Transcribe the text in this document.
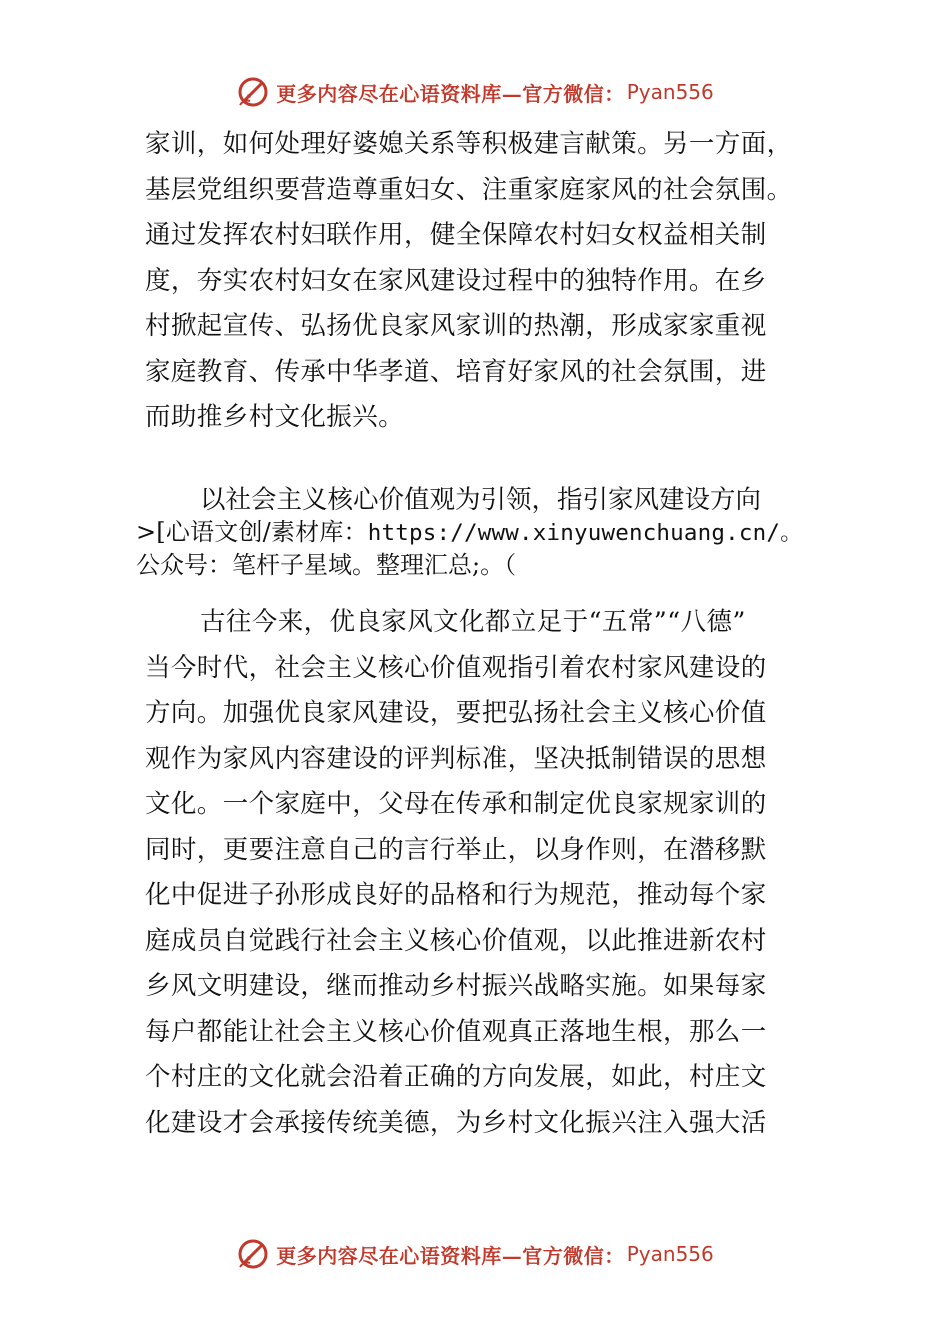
更多内容尽在心语资料库—官方微信： Pyan556
家训，如何处理好婆媳关系等积极建言献策。另一方面，
基层党组织要营造尊重妇女、注重家庭家风的社会氛围。
通过发挥农村妇联作用，健全保障农村妇女权益相关制
度，夯实农村妇女在家风建设过程中的独特作用。在乡
村掀起宣传、弘扬优良家风家训的热潮，形成家家重视
家庭教育、传承中华孝道、培育好家风的社会氛围，进
而助推乡村文化振兴。
以社会主义核心价值观为引领，指引家风建设方向
>[心语文创/素材库：https://www.xinyuwenchuang.cn/。
公众号：笔杆子星域。整理汇总;。（
古往今来，优良家风文化都立足于“五常”“八德”
当今时代，社会主义核心价值观指引着农村家风建设的
方向。加强优良家风建设，要把弘扬社会主义核心价值
观作为家风内容建设的评判标准，坚决抵制错误的思想
文化。一个家庭中，父母在传承和制定优良家规家训的
同时，更要注意自己的言行举止，以身作则，在潜移默
化中促进子孙形成良好的品格和行为规范，推动每个家
庭成员自觉践行社会主义核心价值观，以此推进新农村
乡风文明建设，继而推动乡村振兴战略实施。如果每家
每户都能让社会主义核心价值观真正落地生根，那么一
个村庄的文化就会沿着正确的方向发展，如此，村庄文
化建设才会承接传统美德，为乡村文化振兴注入强大活
更多内容尽在心语资料库—官方微信： Pyan556
